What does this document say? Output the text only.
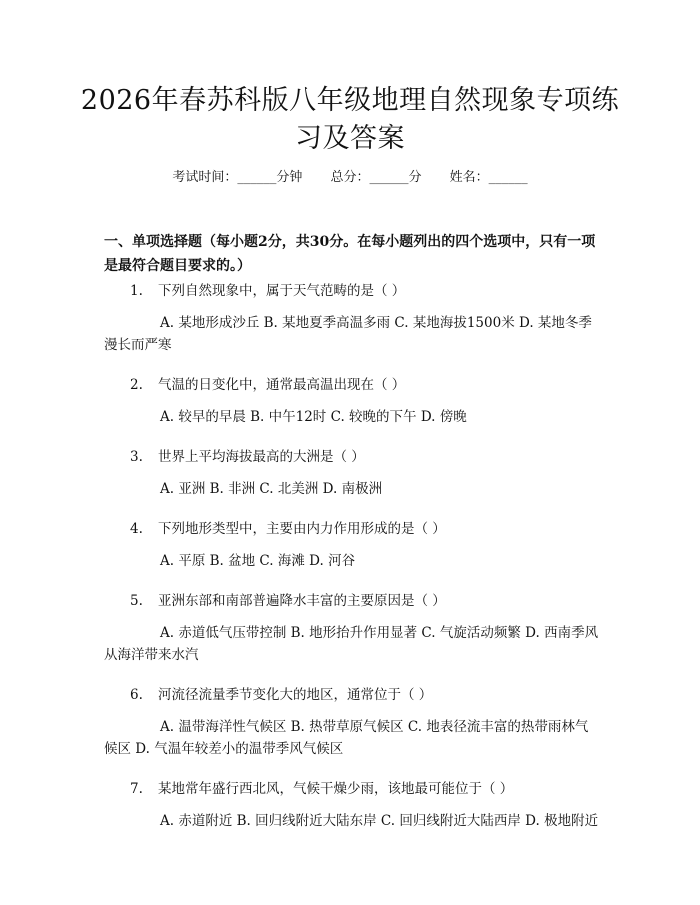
2026年春苏科版八年级地理自然现象专项练习及答案
考试时间：______分钟 总分：______分 姓名：______
一、单项选择题（每小题2分，共30分。在每小题列出的四个选项中，只有一项是最符合题目要求的。）
1. 下列自然现象中，属于天气范畴的是（ ）
A. 某地形成沙丘 B. 某地夏季高温多雨 C. 某地海拔1500米 D. 某地冬季漫长而严寒
2. 气温的日变化中，通常最高温出现在（ ）
A. 较早的早晨 B. 中午12时 C. 较晚的下午 D. 傍晚
3. 世界上平均海拔最高的大洲是（ ）
A. 亚洲 B. 非洲 C. 北美洲 D. 南极洲
4. 下列地形类型中，主要由内力作用形成的是（ ）
A. 平原 B. 盆地 C. 海滩 D. 河谷
5. 亚洲东部和南部普遍降水丰富的主要原因是（ ）
A. 赤道低气压带控制 B. 地形抬升作用显著 C. 气旋活动频繁 D. 西南季风从海洋带来水汽
6. 河流径流量季节变化大的地区，通常位于（ ）
A. 温带海洋性气候区 B. 热带草原气候区 C. 地表径流丰富的热带雨林气候区 D. 气温年较差小的温带季风气候区
7. 某地常年盛行西北风，气候干燥少雨，该地最可能位于（ ）
A. 赤道附近 B. 回归线附近大陆东岸 C. 回归线附近大陆西岸 D. 极地附近
